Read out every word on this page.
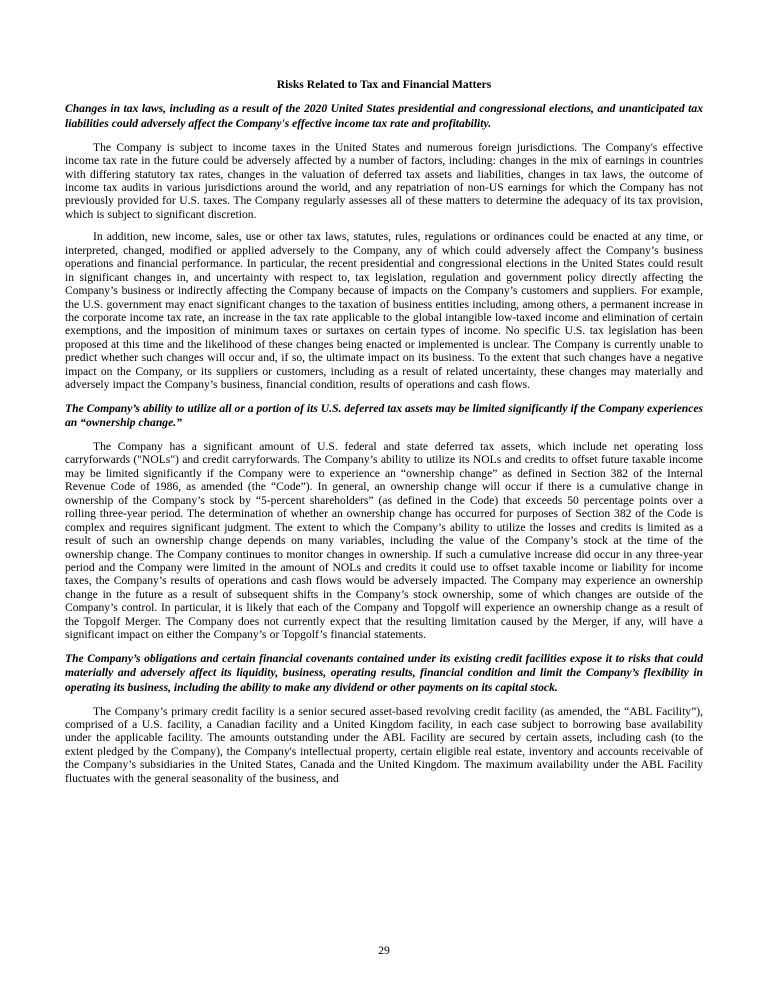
Risks Related to Tax and Financial Matters
Changes in tax laws, including as a result of the 2020 United States presidential and congressional elections, and unanticipated tax liabilities could adversely affect the Company's effective income tax rate and profitability.

The Company is subject to income taxes in the United States and numerous foreign jurisdictions. The Company's effective income tax rate in the future could be adversely affected by a number of factors, including: changes in the mix of earnings in countries with differing statutory tax rates, changes in the valuation of deferred tax assets and liabilities, changes in tax laws, the outcome of income tax audits in various jurisdictions around the world, and any repatriation of non-US earnings for which the Company has not previously provided for U.S. taxes. The Company regularly assesses all of these matters to determine the adequacy of its tax provision, which is subject to significant discretion.

In addition, new income, sales, use or other tax laws, statutes, rules, regulations or ordinances could be enacted at any time, or interpreted, changed, modified or applied adversely to the Company, any of which could adversely affect the Company’s business operations and financial performance. In particular, the recent presidential and congressional elections in the United States could result in significant changes in, and uncertainty with respect to, tax legislation, regulation and government policy directly affecting the Company’s business or indirectly affecting the Company because of impacts on the Company’s customers and suppliers. For example, the U.S. government may enact significant changes to the taxation of business entities including, among others, a permanent increase in the corporate income tax rate, an increase in the tax rate applicable to the global intangible low-taxed income and elimination of certain exemptions, and the imposition of minimum taxes or surtaxes on certain types of income. No specific U.S. tax legislation has been proposed at this time and the likelihood of these changes being enacted or implemented is unclear. The Company is currently unable to predict whether such changes will occur and, if so, the ultimate impact on its business. To the extent that such changes have a negative impact on the Company, or its suppliers or customers, including as a result of related uncertainty, these changes may materially and adversely impact the Company’s business, financial condition, results of operations and cash flows.

The Company’s ability to utilize all or a portion of its U.S. deferred tax assets may be limited significantly if the Company experiences an “ownership change.”

The Company has a significant amount of U.S. federal and state deferred tax assets, which include net operating loss carryforwards ("NOLs") and credit carryforwards. The Company’s ability to utilize its NOLs and credits to offset future taxable income may be limited significantly if the Company were to experience an “ownership change” as defined in Section 382 of the Internal Revenue Code of 1986, as amended (the “Code”). In general, an ownership change will occur if there is a cumulative change in ownership of the Company’s stock by “5-percent shareholders” (as defined in the Code) that exceeds 50 percentage points over a rolling three-year period. The determination of whether an ownership change has occurred for purposes of Section 382 of the Code is complex and requires significant judgment. The extent to which the Company’s ability to utilize the losses and credits is limited as a result of such an ownership change depends on many variables, including the value of the Company’s stock at the time of the ownership change. The Company continues to monitor changes in ownership. If such a cumulative increase did occur in any three-year period and the Company were limited in the amount of NOLs and credits it could use to offset taxable income or liability for income taxes, the Company’s results of operations and cash flows would be adversely impacted. The Company may experience an ownership change in the future as a result of subsequent shifts in the Company’s stock ownership, some of which changes are outside of the Company’s control. In particular, it is likely that each of the Company and Topgolf will experience an ownership change as a result of the Topgolf Merger. The Company does not currently expect that the resulting limitation caused by the Merger, if any, will have a significant impact on either the Company’s or Topgolf’s financial statements.

The Company’s obligations and certain financial covenants contained under its existing credit facilities expose it to risks that could materially and adversely affect its liquidity, business, operating results, financial condition and limit the Company’s flexibility in operating its business, including the ability to make any dividend or other payments on its capital stock.

The Company’s primary credit facility is a senior secured asset-based revolving credit facility (as amended, the “ABL Facility”), comprised of a U.S. facility, a Canadian facility and a United Kingdom facility, in each case subject to borrowing base availability under the applicable facility. The amounts outstanding under the ABL Facility are secured by certain assets, including cash (to the extent pledged by the Company), the Company's intellectual property, certain eligible real estate, inventory and accounts receivable of the Company’s subsidiaries in the United States, Canada and the United Kingdom. The maximum availability under the ABL Facility fluctuates with the general seasonality of the business, and

29
